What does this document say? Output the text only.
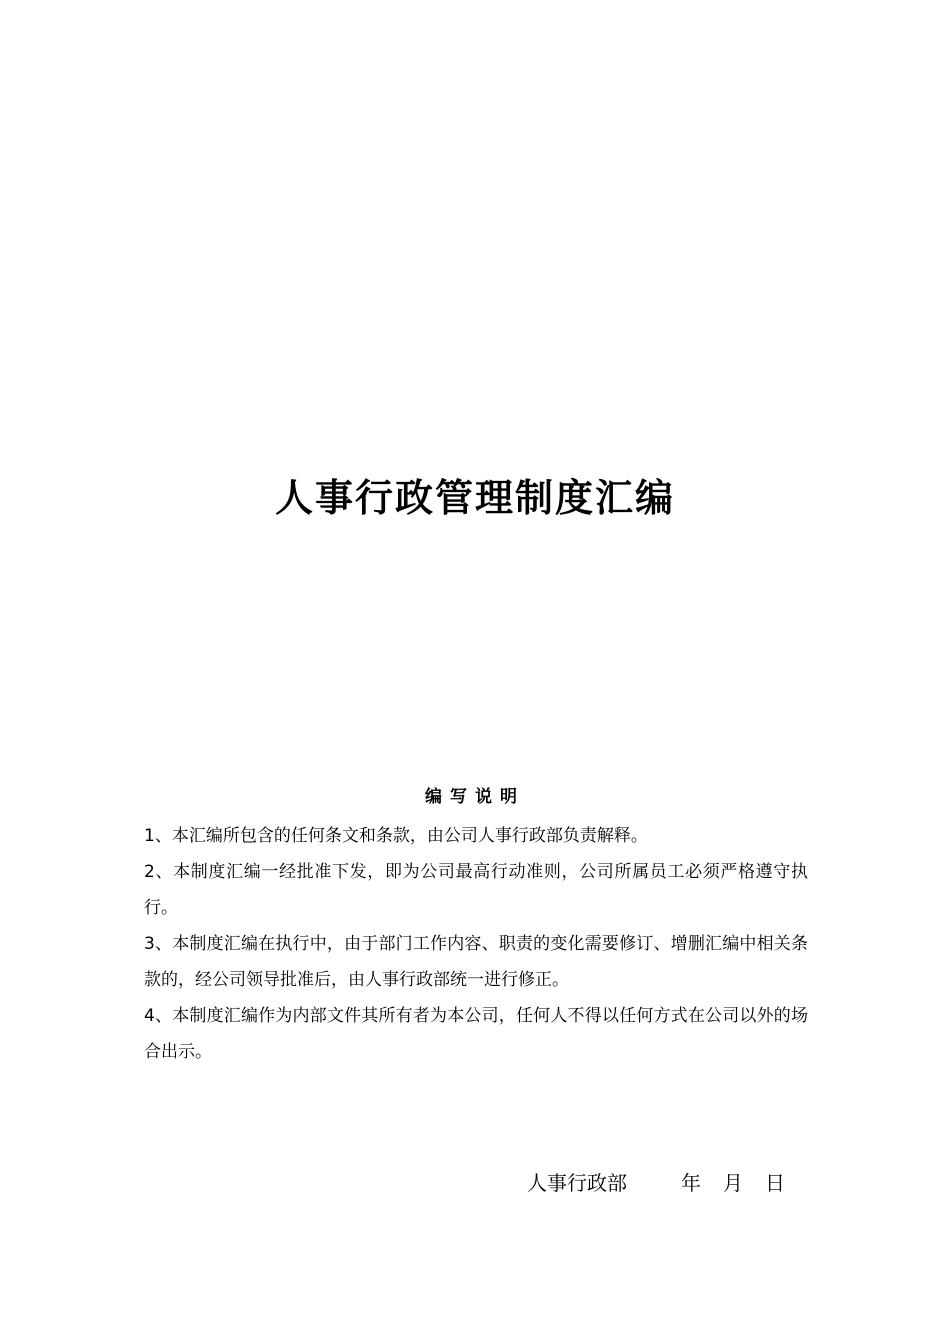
人事行政管理制度汇编
编写说明
1、本汇编所包含的任何条文和条款，由公司人事行政部负责解释。
2、本制度汇编一经批准下发，即为公司最高行动准则，公司所属员工必须严格遵守执行。
3、本制度汇编在执行中，由于部门工作内容、职责的变化需要修订、增删汇编中相关条款的，经公司领导批准后，由人事行政部统一进行修正。
4、本制度汇编作为内部文件其所有者为本公司，任何人不得以任何方式在公司以外的场合出示。
人事行政部	年 月 日
